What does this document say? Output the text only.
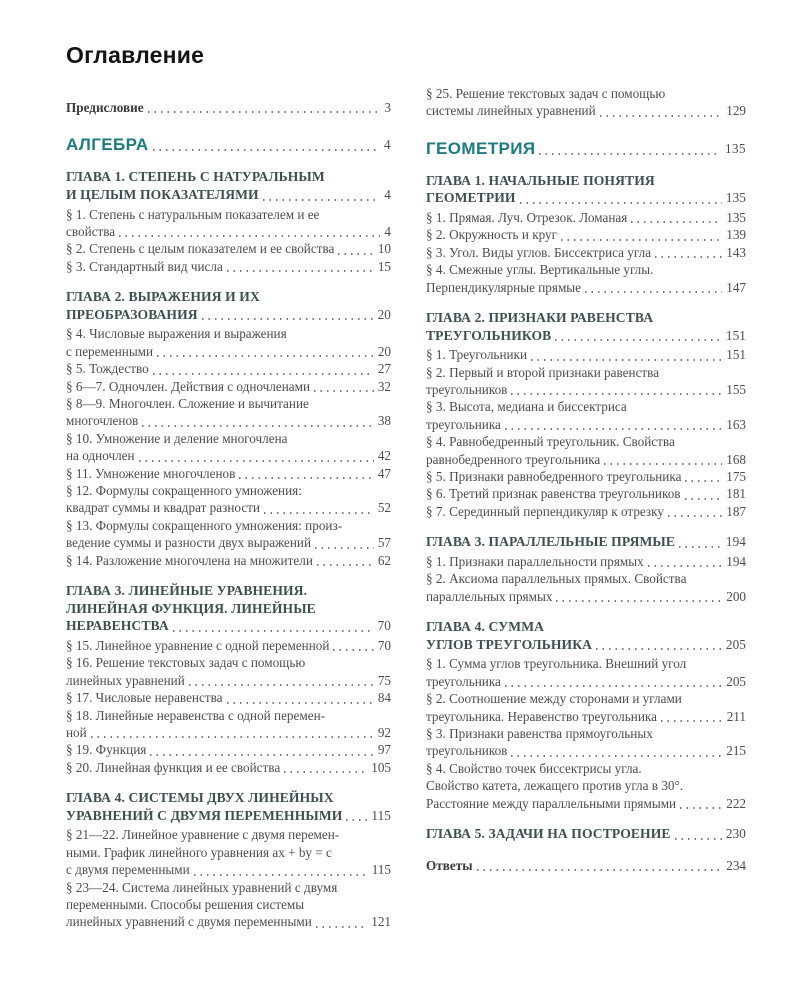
Оглавление
Предисловие	3
АЛГЕБРА	4
ГЛАВА 1. СТЕПЕНЬ С НАТУРАЛЬНЫМ
И ЦЕЛЫМ ПОКАЗАТЕЛЯМИ	4
§ 1. Степень с натуральным показателем и ее
свойства	4
§ 2. Степень с целым показателем и ее свойства	10
§ 3. Стандартный вид числа	15
ГЛАВА 2. ВЫРАЖЕНИЯ И ИХ
ПРЕОБРАЗОВАНИЯ	20
§ 4. Числовые выражения и выражения
с переменными	20
§ 5. Тождество	27
§ 6—7. Одночлен. Действия с одночленами	32
§ 8—9. Многочлен. Сложение и вычитание
многочленов	38
§ 10. Умножение и деление многочлена
на одночлен	42
§ 11. Умножение многочленов	47
§ 12. Формулы сокращенного умножения:
квадрат суммы и квадрат разности	52
§ 13. Формулы сокращенного умножения: произ-
ведение суммы и разности двух выражений	57
§ 14. Разложение многочлена на множители	62
ГЛАВА 3. ЛИНЕЙНЫЕ УРАВНЕНИЯ.
ЛИНЕЙНАЯ ФУНКЦИЯ. ЛИНЕЙНЫЕ
НЕРАВЕНСТВА	70
§ 15. Линейное уравнение с одной переменной	70
§ 16. Решение текстовых задач с помощью
линейных уравнений	75
§ 17. Числовые неравенства	84
§ 18. Линейные неравенства с одной перемен-
ной	92
§ 19. Функция	97
§ 20. Линейная функция и ее свойства	105
ГЛАВА 4. СИСТЕМЫ ДВУХ ЛИНЕЙНЫХ
УРАВНЕНИЙ С ДВУМЯ ПЕРЕМЕННЫМИ 115
§ 21—22. Линейное уравнение с двумя перемен-
ными. График линейного уравнения ax + by = c
с двумя переменными	115
§ 23—24. Система линейных уравнений с двумя
переменными. Способы решения системы
линейных уравнений с двумя переменными	121
§ 25. Решение текстовых задач с помощью
системы линейных уравнений	129
ГЕОМЕТРИЯ	135
ГЛАВА 1. НАЧАЛЬНЫЕ ПОНЯТИЯ
ГЕОМЕТРИИ	135
§ 1. Прямая. Луч. Отрезок. Ломаная	135
§ 2. Окружность и круг	139
§ 3. Угол. Виды углов. Биссектриса угла	143
§ 4. Смежные углы. Вертикальные углы.
Перпендикулярные прямые	147
ГЛАВА 2. ПРИЗНАКИ РАВЕНСТВА
ТРЕУГОЛЬНИКОВ	151
§ 1. Треугольники	151
§ 2. Первый и второй признаки равенства
треугольников	155
§ 3. Высота, медиана и биссектриса
треугольника	163
§ 4. Равнобедренный треугольник. Свойства
равнобедренного треугольника	168
§ 5. Признаки равнобедренного треугольника	175
§ 6. Третий признак равенства треугольников	181
§ 7. Серединный перпендикуляр к отрезку	187
ГЛАВА 3. ПАРАЛЛЕЛЬНЫЕ ПРЯМЫЕ	194
§ 1. Признаки параллельности прямых	194
§ 2. Аксиома параллельных прямых. Свойства
параллельных прямых	200
ГЛАВА 4. СУММА
УГЛОВ ТРЕУГОЛЬНИКА	205
§ 1. Сумма углов треугольника. Внешний угол
треугольника	205
§ 2. Соотношение между сторонами и углами
треугольника. Неравенство треугольника	211
§ 3. Признаки равенства прямоугольных
треугольников	215
§ 4. Свойство точек биссектрисы угла.
Свойство катета, лежащего против угла в 30°.
Расстояние между параллельными прямыми	222
ГЛАВА 5. ЗАДАЧИ НА ПОСТРОЕНИЕ	230
Ответы	234
